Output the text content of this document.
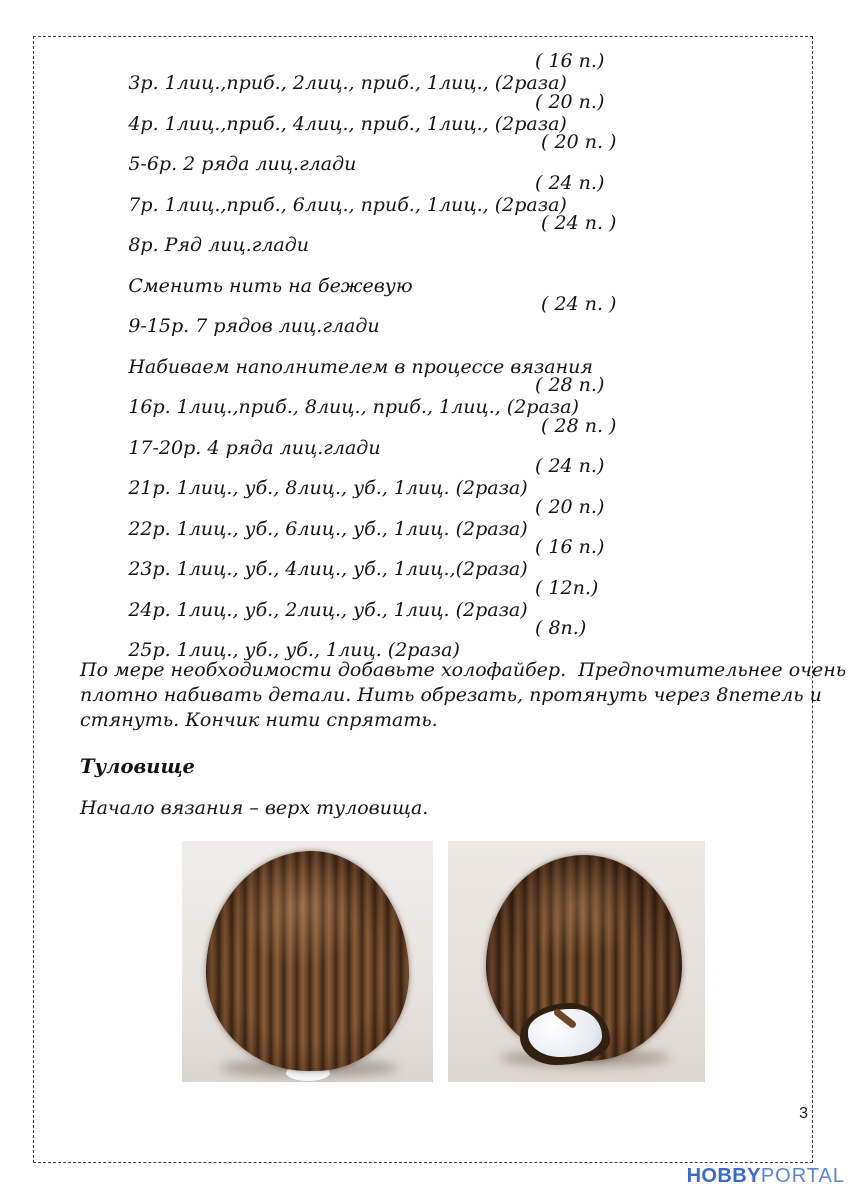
3р. 1лиц.,приб., 2лиц., приб., 1лиц., (2раза)

( 16 п.)

4р. 1лиц.,приб., 4лиц., приб., 1лиц., (2раза)

( 20 п.)

5-6р. 2 ряда лиц.глади

( 20 п. )

7р. 1лиц.,приб., 6лиц., приб., 1лиц., (2раза)

( 24 п.)

8р. Ряд лиц.глади

( 24 п. )

Сменить нить на бежевую

9-15р. 7 рядов лиц.глади

( 24 п. )

Набиваем наполнителем в процессе вязания

16р. 1лиц.,приб., 8лиц., приб., 1лиц., (2раза)

( 28 п.)

17-20р. 4 ряда лиц.глади

( 28 п. )

21р. 1лиц., уб., 8лиц., уб., 1лиц. (2раза)

( 24 п.)

22р. 1лиц., уб., 6лиц., уб., 1лиц. (2раза)

( 20 п.)

23р. 1лиц., уб., 4лиц., уб., 1лиц.,(2раза)

( 16 п.)

24р. 1лиц., уб., 2лиц., уб., 1лиц. (2раза)

( 12п.)

25р. 1лиц., уб., уб., 1лиц. (2раза)

( 8п.)

По мере необходимости добавьте холофайбер.  Предпочтительнее очень
плотно набивать детали. Нить обрезать, протянуть через 8петель и
стянуть. Кончик нити спрятать.
Туловище
Начало вязания – верх туловища.
3
HOBBYPORTAL
